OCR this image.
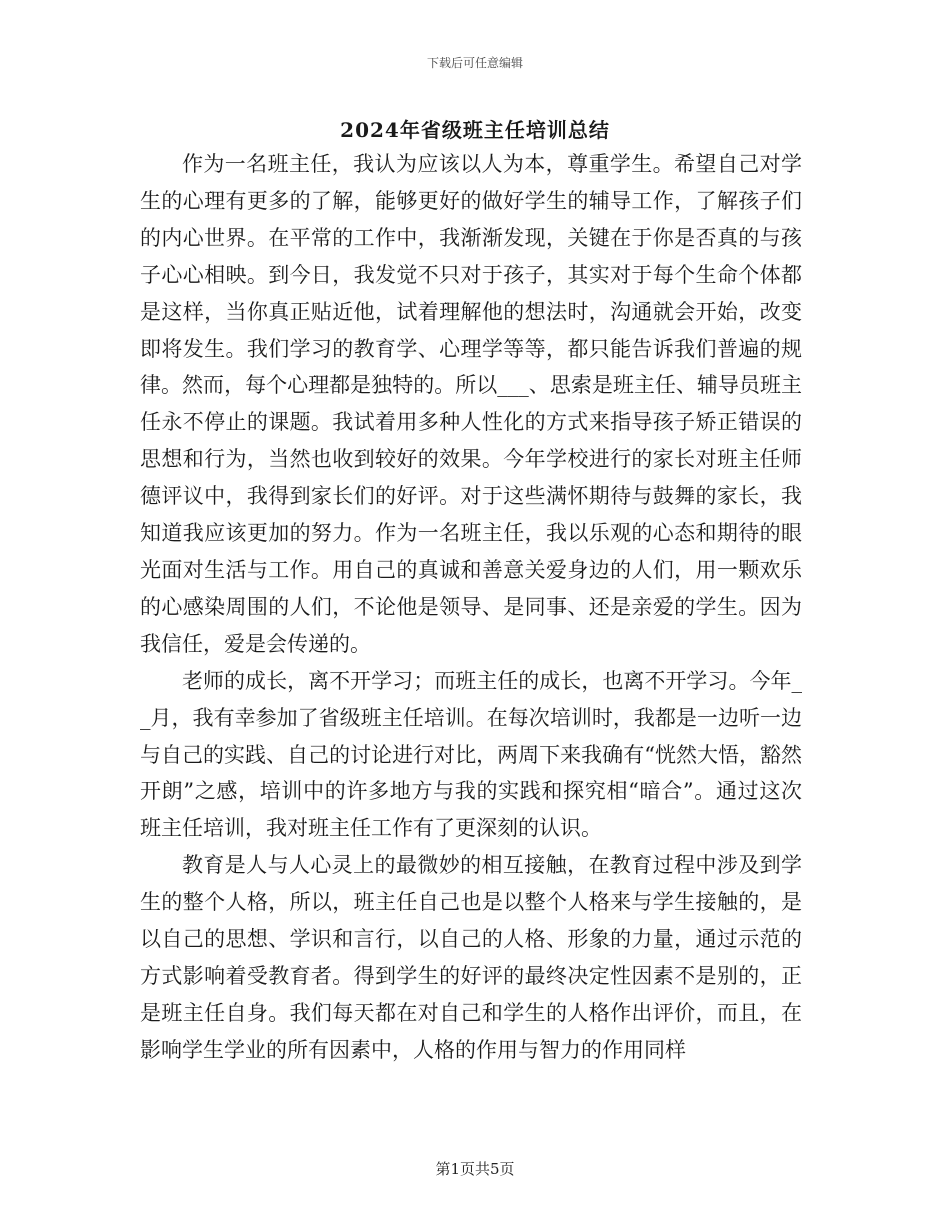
下载后可任意编辑
2024年省级班主任培训总结

作为一名班主任，我认为应该以人为本，尊重学生。希望自己对学生的心理有更多的了解，能够更好的做好学生的辅导工作，了解孩子们的内心世界。在平常的工作中，我渐渐发现，关键在于你是否真的与孩子心心相映。到今日，我发觉不只对于孩子，其实对于每个生命个体都是这样，当你真正贴近他，试着理解他的想法时，沟通就会开始，改变即将发生。我们学习的教育学、心理学等等，都只能告诉我们普遍的规律。然而，每个心理都是独特的。所以___、思索是班主任、辅导员班主任永不停止的课题。我试着用多种人性化的方式来指导孩子矫正错误的思想和行为，当然也收到较好的效果。今年学校进行的家长对班主任师德评议中，我得到家长们的好评。对于这些满怀期待与鼓舞的家长，我知道我应该更加的努力。作为一名班主任，我以乐观的心态和期待的眼光面对生活与工作。用自己的真诚和善意关爱身边的人们，用一颗欢乐的心感染周围的人们，不论他是领导、是同事、还是亲爱的学生。因为我信任，爱是会传递的。

老师的成长，离不开学习；而班主任的成长，也离不开学习。今年__月，我有幸参加了省级班主任培训。在每次培训时，我都是一边听一边与自己的实践、自己的讨论进行对比，两周下来我确有“恍然大悟，豁然开朗”之感，培训中的许多地方与我的实践和探究相“暗合”。通过这次班主任培训，我对班主任工作有了更深刻的认识。

教育是人与人心灵上的最微妙的相互接触，在教育过程中涉及到学生的整个人格，所以，班主任自己也是以整个人格来与学生接触的，是以自己的思想、学识和言行，以自己的人格、形象的力量，通过示范的方式影响着受教育者。得到学生的好评的最终决定性因素不是别的，正是班主任自身。我们每天都在对自己和学生的人格作出评价，而且，在影响学生学业的所有因素中，人格的作用与智力的作用同样

第1页共5页
